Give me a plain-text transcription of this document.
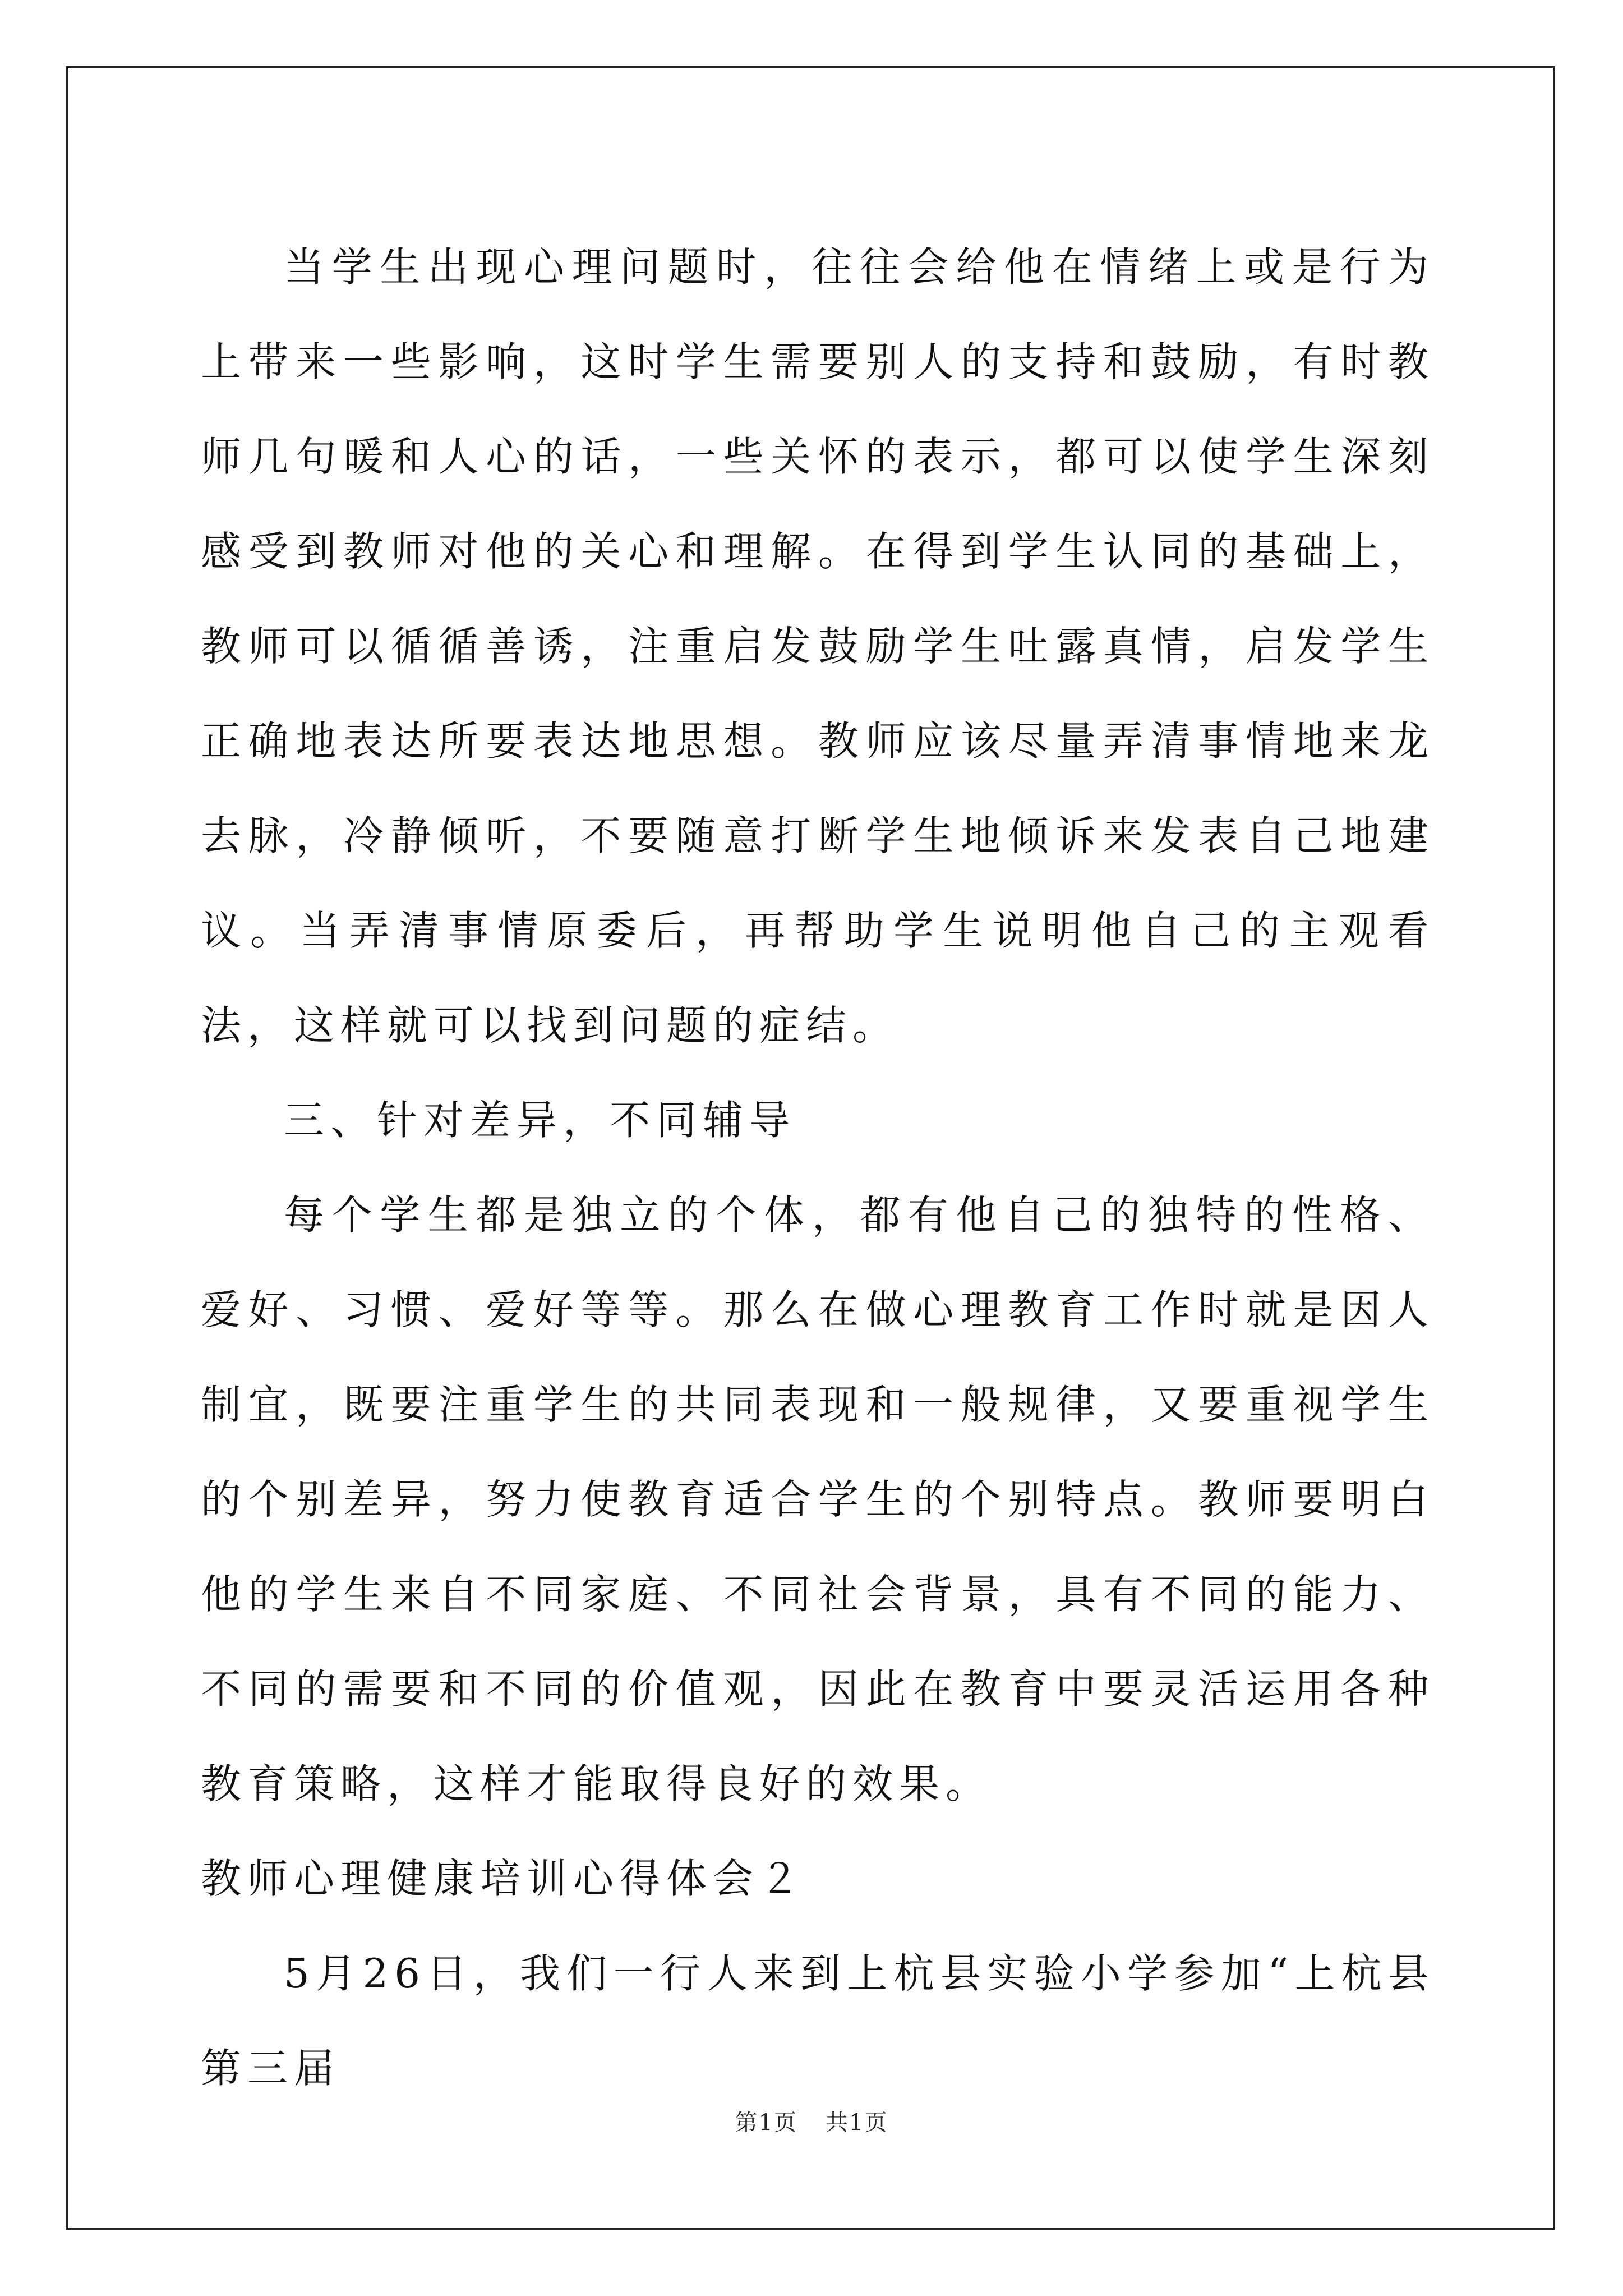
当学生出现心理问题时，往往会给他在情绪上或是行为上带来一些影响，这时学生需要别人的支持和鼓励，有时教师几句暖和人心的话，一些关怀的表示，都可以使学生深刻感受到教师对他的关心和理解。在得到学生认同的基础上，教师可以循循善诱，注重启发鼓励学生吐露真情，启发学生正确地表达所要表达地思想。教师应该尽量弄清事情地来龙去脉，冷静倾听，不要随意打断学生地倾诉来发表自己地建议。当弄清事情原委后，再帮助学生说明他自己的主观看法，这样就可以找到问题的症结。

三、针对差异，不同辅导

每个学生都是独立的个体，都有他自己的独特的性格、爱好、习惯、爱好等等。那么在做心理教育工作时就是因人制宜，既要注重学生的共同表现和一般规律，又要重视学生的个别差异，努力使教育适合学生的个别特点。教师要明白他的学生来自不同家庭、不同社会背景，具有不同的能力、不同的需要和不同的价值观，因此在教育中要灵活运用各种教育策略，这样才能取得良好的效果。

教师心理健康培训心得体会２

5月26日，我们一行人来到上杭县实验小学参加“上杭县第三届

第1页 共1页
